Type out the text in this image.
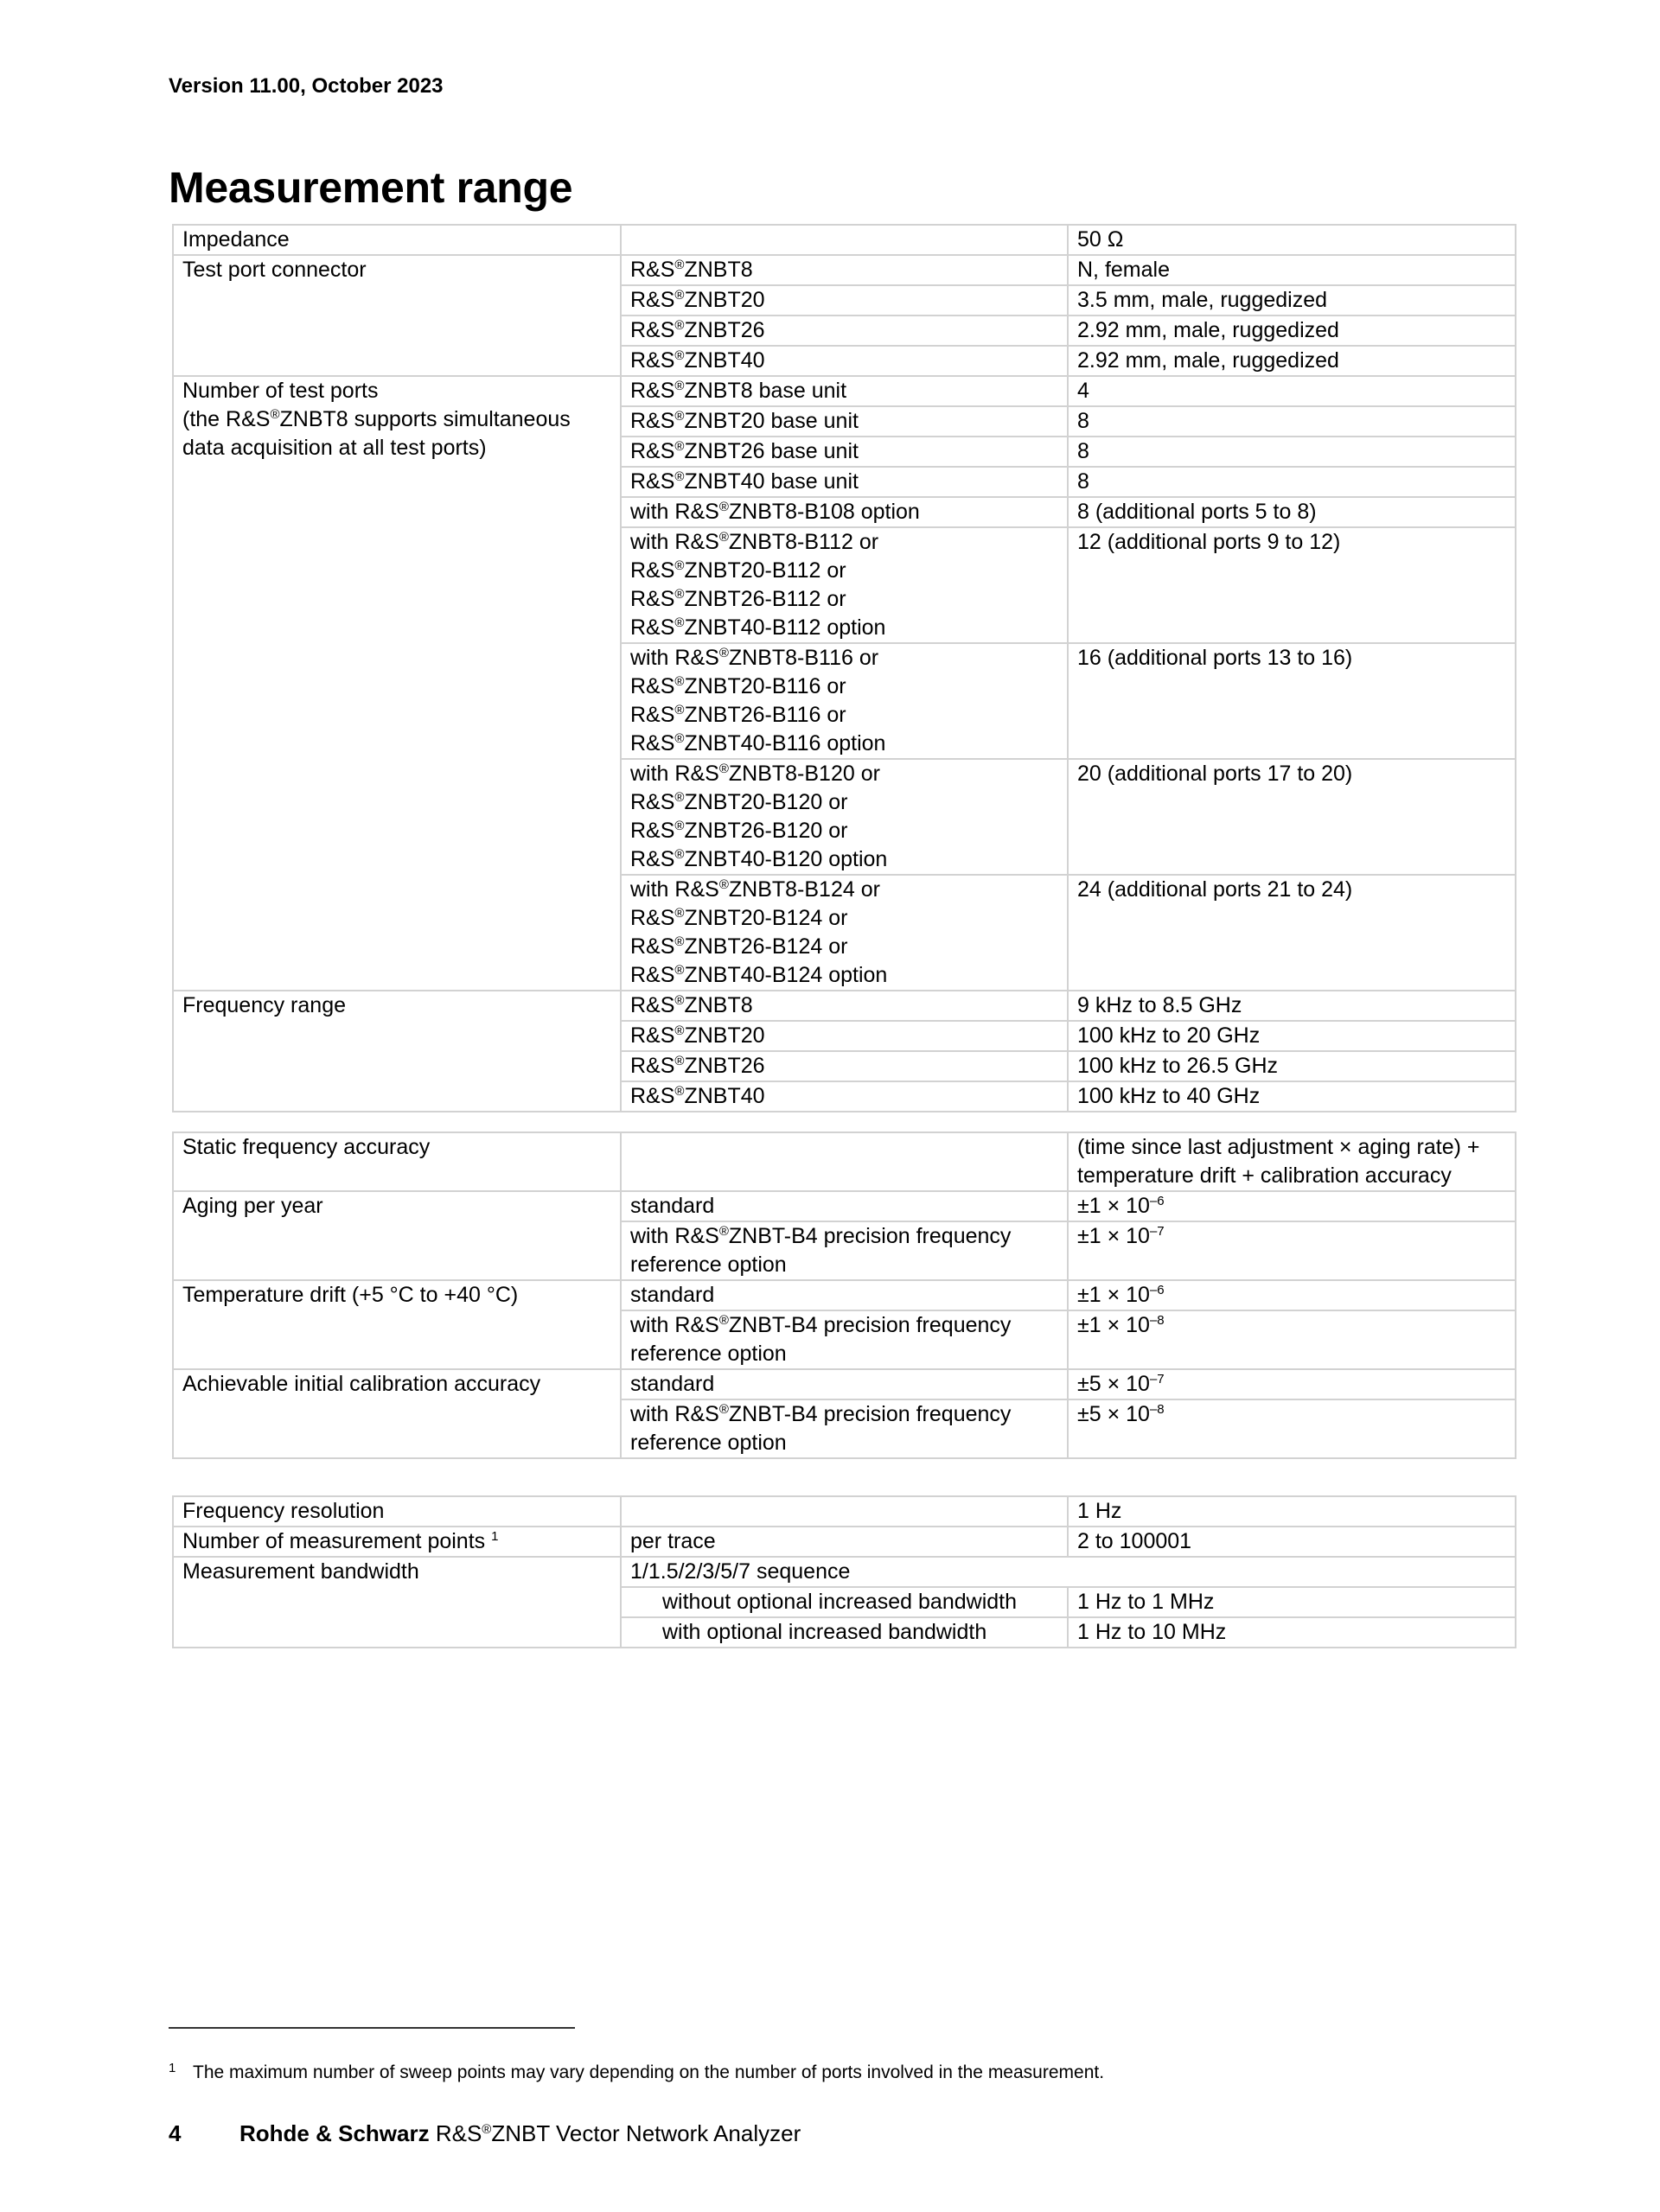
Version 11.00, October 2023
Measurement range
Impedance		50 Ω
Test port connector	R&S®ZNBT8	N, female
	R&S®ZNBT20	3.5 mm, male, ruggedized
	R&S®ZNBT26	2.92 mm, male, ruggedized
	R&S®ZNBT40	2.92 mm, male, ruggedized
Number of test ports
(the R&S®ZNBT8 supports simultaneous
data acquisition at all test ports)	R&S®ZNBT8 base unit	4
	R&S®ZNBT20 base unit	8
	R&S®ZNBT26 base unit	8
	R&S®ZNBT40 base unit	8
	with R&S®ZNBT8-B108 option	8 (additional ports 5 to 8)
	with R&S®ZNBT8-B112 or
R&S®ZNBT20-B112 or
R&S®ZNBT26-B112 or
R&S®ZNBT40-B112 option	12 (additional ports 9 to 12)
	with R&S®ZNBT8-B116 or
R&S®ZNBT20-B116 or
R&S®ZNBT26-B116 or
R&S®ZNBT40-B116 option	16 (additional ports 13 to 16)
	with R&S®ZNBT8-B120 or
R&S®ZNBT20-B120 or
R&S®ZNBT26-B120 or
R&S®ZNBT40-B120 option	20 (additional ports 17 to 20)
	with R&S®ZNBT8-B124 or
R&S®ZNBT20-B124 or
R&S®ZNBT26-B124 or
R&S®ZNBT40-B124 option	24 (additional ports 21 to 24)
Frequency range	R&S®ZNBT8	9 kHz to 8.5 GHz
	R&S®ZNBT20	100 kHz to 20 GHz
	R&S®ZNBT26	100 kHz to 26.5 GHz
	R&S®ZNBT40	100 kHz to 40 GHz
Static frequency accuracy		(time since last adjustment × aging rate) +
temperature drift + calibration accuracy
Aging per year	standard	$\pm 1 \times 10^{-6}$
	with R&S®ZNBT-B4 precision frequency
reference option	$\pm 1 \times 10^{-7}$
Temperature drift (+5 °C to +40 °C)	standard	$\pm 1 \times 10^{-6}$
	with R&S®ZNBT-B4 precision frequency
reference option	$\pm 1 \times 10^{-8}$
Achievable initial calibration accuracy	standard	$\pm 5 \times 10^{-7}$
	with R&S®ZNBT-B4 precision frequency
reference option	$\pm 5 \times 10^{-8}$
Frequency resolution		1 Hz
Number of measurement points $^1$	per trace	2 to 100001
Measurement bandwidth	1/1.5/2/3/5/7 sequence	
	without optional increased bandwidth	1 Hz to 1 MHz
	with optional increased bandwidth	1 Hz to 10 MHz
1 The maximum number of sweep points may vary depending on the number of ports involved in the measurement.
4	Rohde & Schwarz R&S®ZNBT Vector Network Analyzer
